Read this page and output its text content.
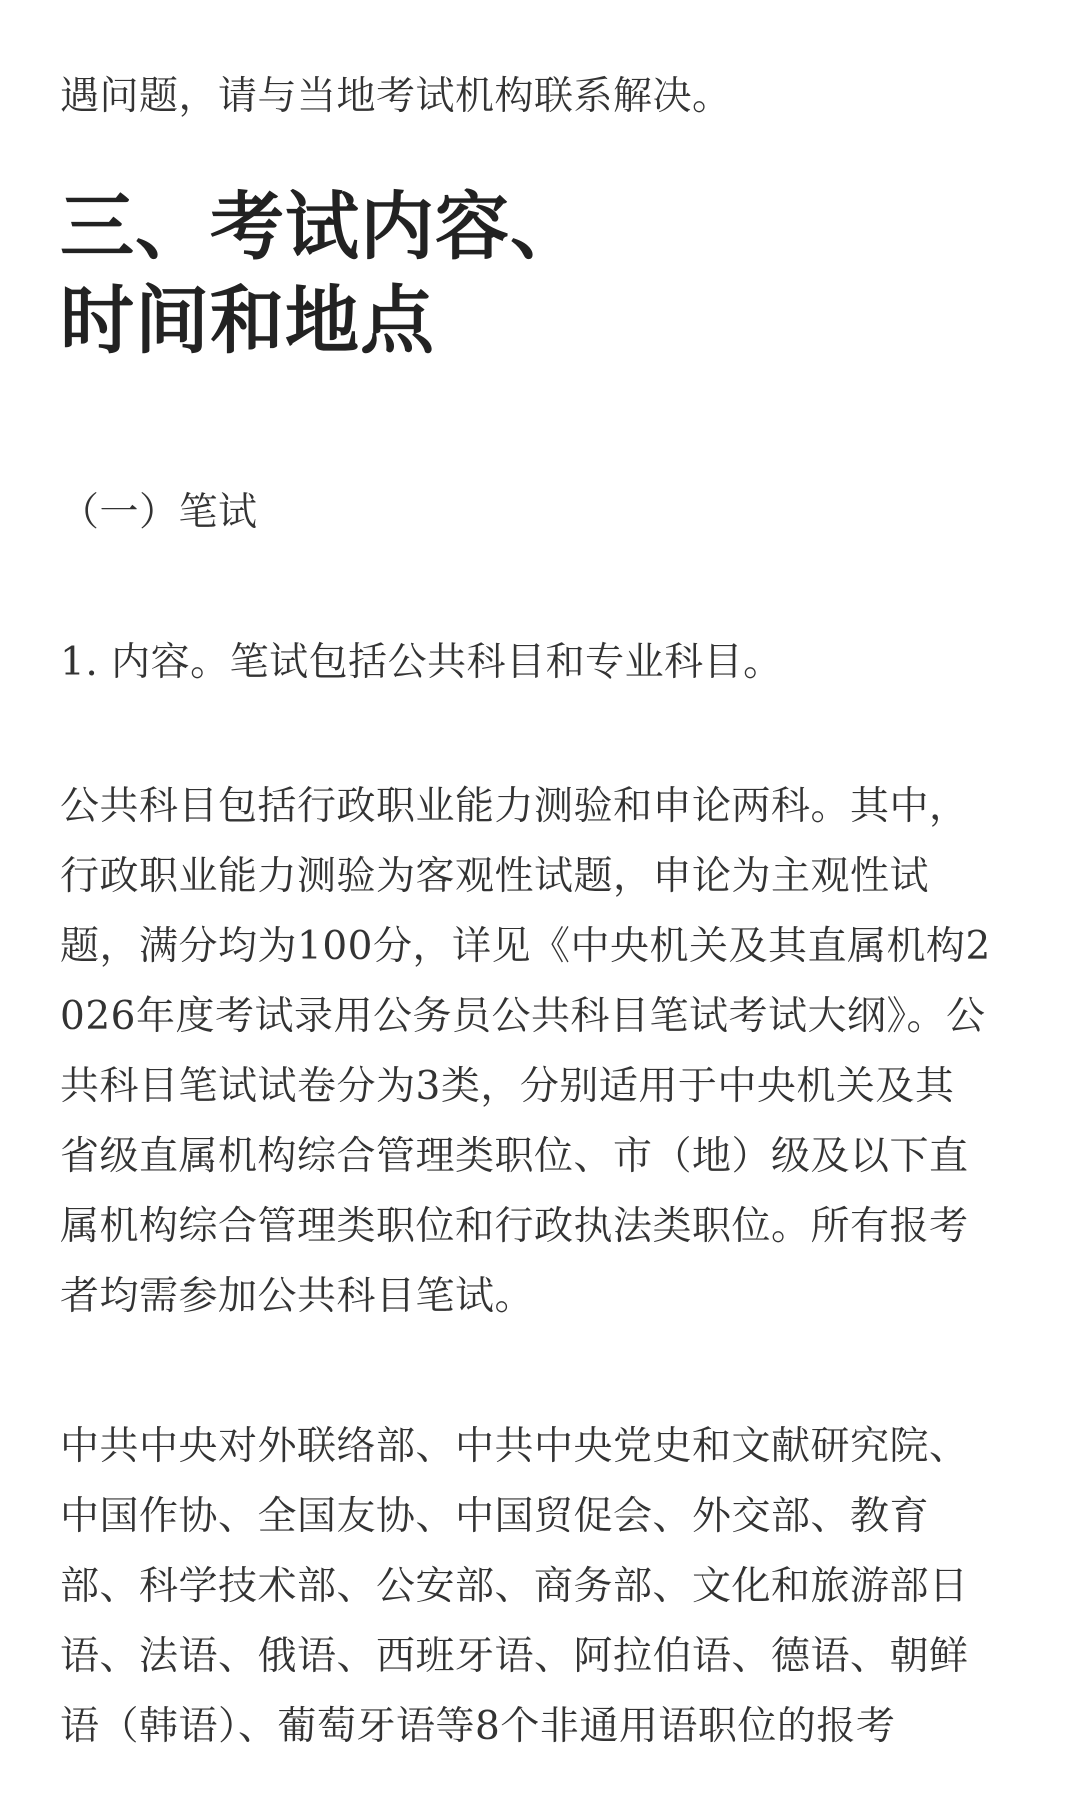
遇问题，请与当地考试机构联系解决。
三、考试内容、
时间和地点
（一）笔试
1. 内容。笔试包括公共科目和专业科目。
公共科目包括行政职业能力测验和申论两科。其中，
行政职业能力测验为客观性试题，申论为主观性试
题，满分均为100分，详见《中央机关及其直属机构2
026年度考试录用公务员公共科目笔试考试大纲》。公
共科目笔试试卷分为3类，分别适用于中央机关及其
省级直属机构综合管理类职位、市（地）级及以下直
属机构综合管理类职位和行政执法类职位。所有报考
者均需参加公共科目笔试。
中共中央对外联络部、中共中央党史和文献研究院、
中国作协、全国友协、中国贸促会、外交部、教育
部、科学技术部、公安部、商务部、文化和旅游部日
语、法语、俄语、西班牙语、阿拉伯语、德语、朝鲜
语（韩语）、葡萄牙语等8个非通用语职位的报考
